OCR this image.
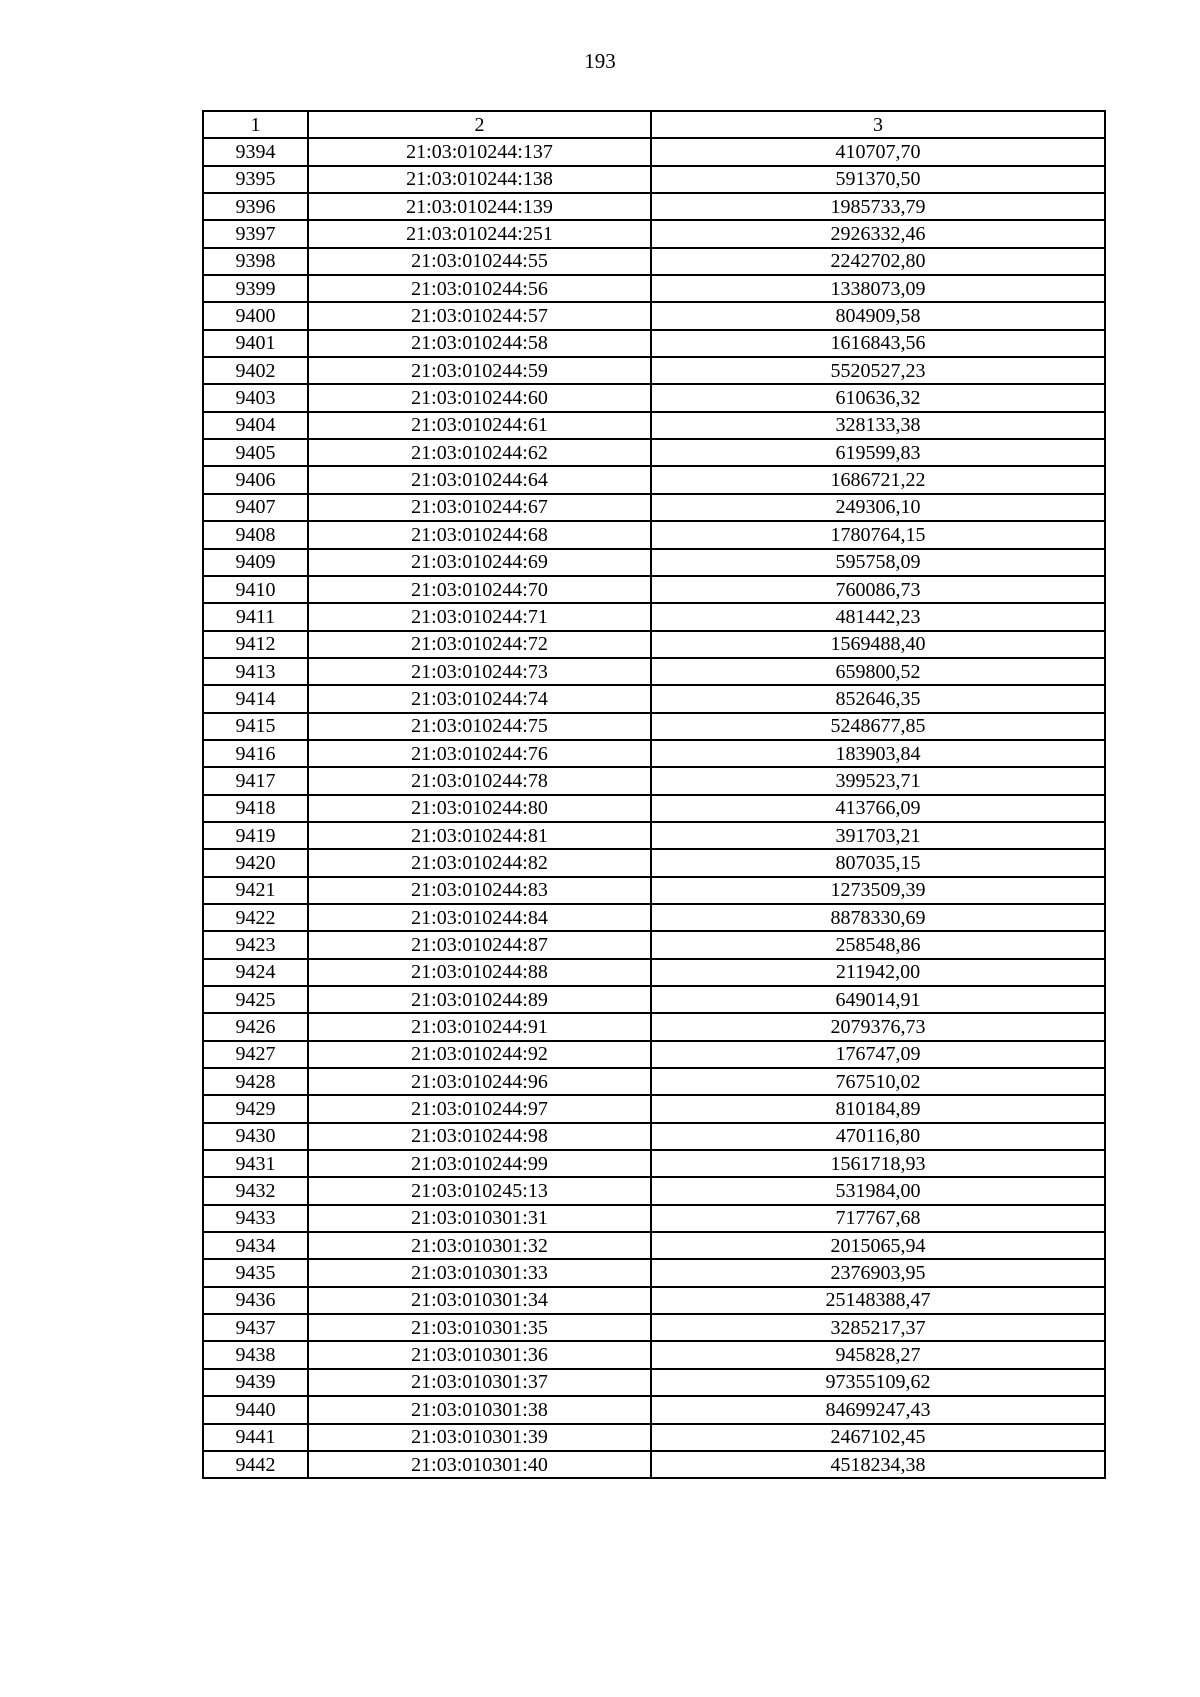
193
1	2	3
9394	21:03:010244:137	410707,70
9395	21:03:010244:138	591370,50
9396	21:03:010244:139	1985733,79
9397	21:03:010244:251	2926332,46
9398	21:03:010244:55	2242702,80
9399	21:03:010244:56	1338073,09
9400	21:03:010244:57	804909,58
9401	21:03:010244:58	1616843,56
9402	21:03:010244:59	5520527,23
9403	21:03:010244:60	610636,32
9404	21:03:010244:61	328133,38
9405	21:03:010244:62	619599,83
9406	21:03:010244:64	1686721,22
9407	21:03:010244:67	249306,10
9408	21:03:010244:68	1780764,15
9409	21:03:010244:69	595758,09
9410	21:03:010244:70	760086,73
9411	21:03:010244:71	481442,23
9412	21:03:010244:72	1569488,40
9413	21:03:010244:73	659800,52
9414	21:03:010244:74	852646,35
9415	21:03:010244:75	5248677,85
9416	21:03:010244:76	183903,84
9417	21:03:010244:78	399523,71
9418	21:03:010244:80	413766,09
9419	21:03:010244:81	391703,21
9420	21:03:010244:82	807035,15
9421	21:03:010244:83	1273509,39
9422	21:03:010244:84	8878330,69
9423	21:03:010244:87	258548,86
9424	21:03:010244:88	211942,00
9425	21:03:010244:89	649014,91
9426	21:03:010244:91	2079376,73
9427	21:03:010244:92	176747,09
9428	21:03:010244:96	767510,02
9429	21:03:010244:97	810184,89
9430	21:03:010244:98	470116,80
9431	21:03:010244:99	1561718,93
9432	21:03:010245:13	531984,00
9433	21:03:010301:31	717767,68
9434	21:03:010301:32	2015065,94
9435	21:03:010301:33	2376903,95
9436	21:03:010301:34	25148388,47
9437	21:03:010301:35	3285217,37
9438	21:03:010301:36	945828,27
9439	21:03:010301:37	97355109,62
9440	21:03:010301:38	84699247,43
9441	21:03:010301:39	2467102,45
9442	21:03:010301:40	4518234,38
